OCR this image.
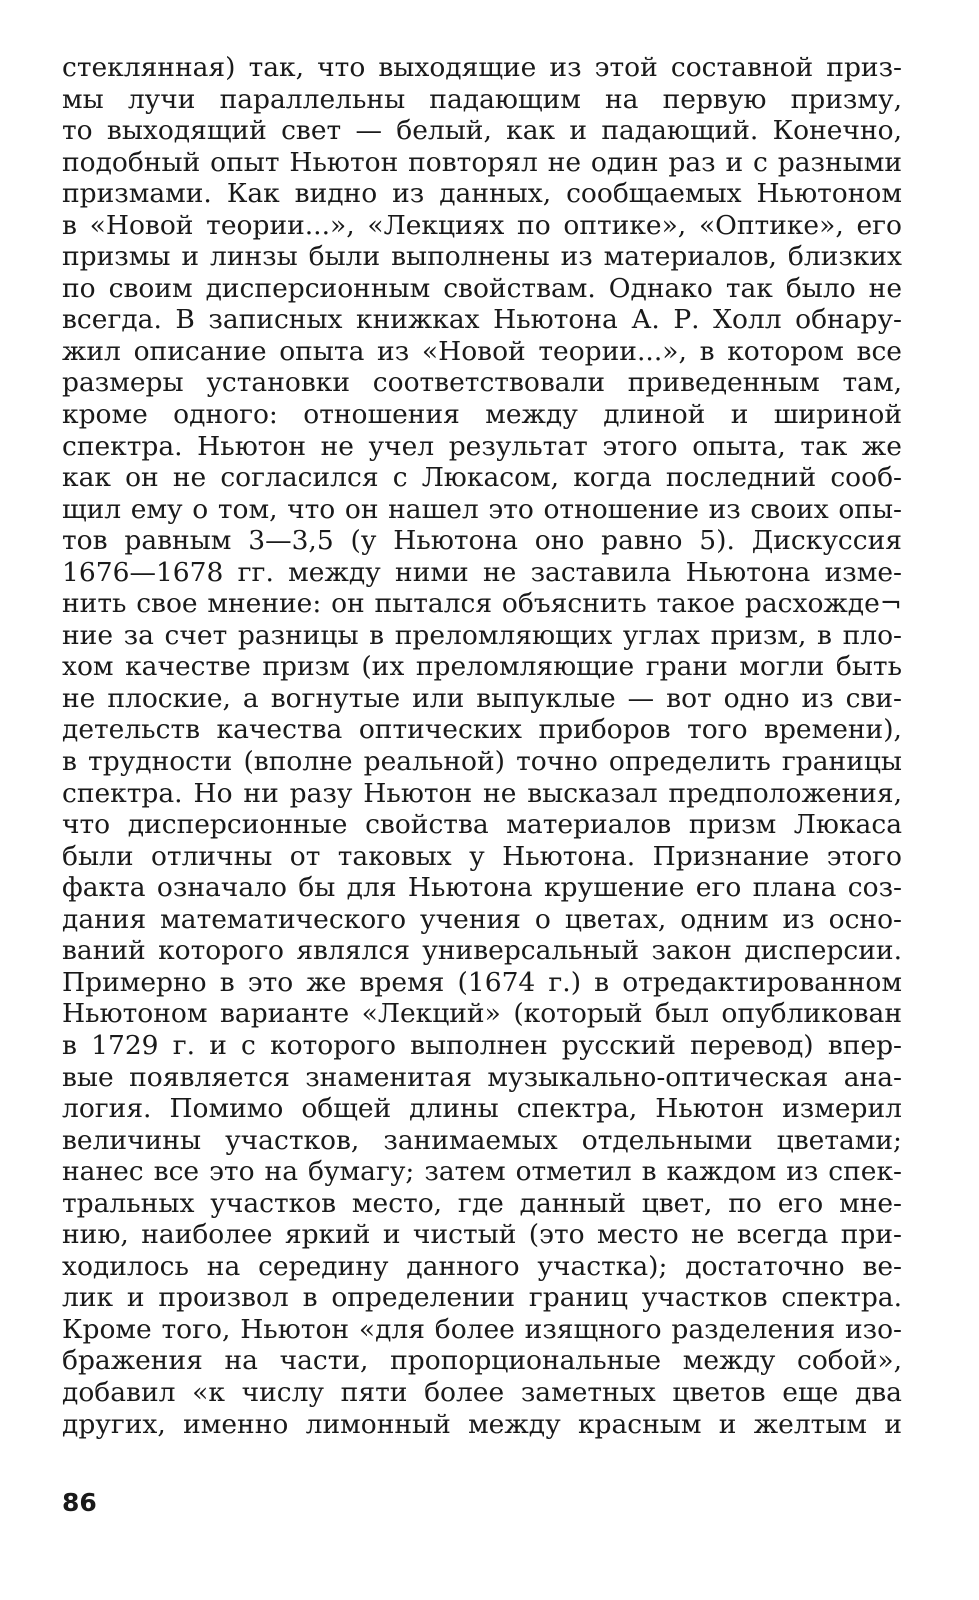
стеклянная) так, что выходящие из этой составной приз-
мы лучи параллельны падающим на первую призму,
то выходящий свет — белый, как и падающий. Конечно,
подобный опыт Ньютон повторял не один раз и с разными
призмами. Как видно из данных, сообщаемых Ньютоном
в «Новой теории...», «Лекциях по оптике», «Оптике», его
призмы и линзы были выполнены из материалов, близких
по своим дисперсионным свойствам. Однако так было не
всегда. В записных книжках Ньютона А. Р. Холл обнару-
жил описание опыта из «Новой теории...», в котором все
размеры установки соответствовали приведенным там,
кроме одного: отношения между длиной и шириной
спектра. Ньютон не учел результат этого опыта, так же
как он не согласился с Люкасом, когда последний сооб-
щил ему о том, что он нашел это отношение из своих опы-
тов равным 3—3,5 (у Ньютона оно равно 5). Дискуссия
1676—1678 гг. между ними не заставила Ньютона изме-
нить свое мнение: он пытался объяснить такое расхожде¬
ние за счет разницы в преломляющих углах призм, в пло-
хом качестве призм (их преломляющие грани могли быть
не плоские, а вогнутые или выпуклые — вот одно из сви-
детельств качества оптических приборов того времени),
в трудности (вполне реальной) точно определить границы
спектра. Но ни разу Ньютон не высказал предположения,
что дисперсионные свойства материалов призм Люкаса
были отличны от таковых у Ньютона. Признание этого
факта означало бы для Ньютона крушение его плана соз-
дания математического учения о цветах, одним из осно-
ваний которого являлся универсальный закон дисперсии.
Примерно в это же время (1674 г.) в отредактированном
Ньютоном варианте «Лекций» (который был опубликован
в 1729 г. и с которого выполнен русский перевод) впер-
вые появляется знаменитая музыкально-оптическая ана-
логия. Помимо общей длины спектра, Ньютон измерил
величины участков, занимаемых отдельными цветами;
нанес все это на бумагу; затем отметил в каждом из спек-
тральных участков место, где данный цвет, по его мне-
нию, наиболее яркий и чистый (это место не всегда при-
ходилось на середину данного участка); достаточно ве-
лик и произвол в определении границ участков спектра.
Кроме того, Ньютон «для более изящного разделения изо-
бражения на части, пропорциональные между собой»,
добавил «к числу пяти более заметных цветов еще два
других, именно лимонный между красным и желтым и
86
